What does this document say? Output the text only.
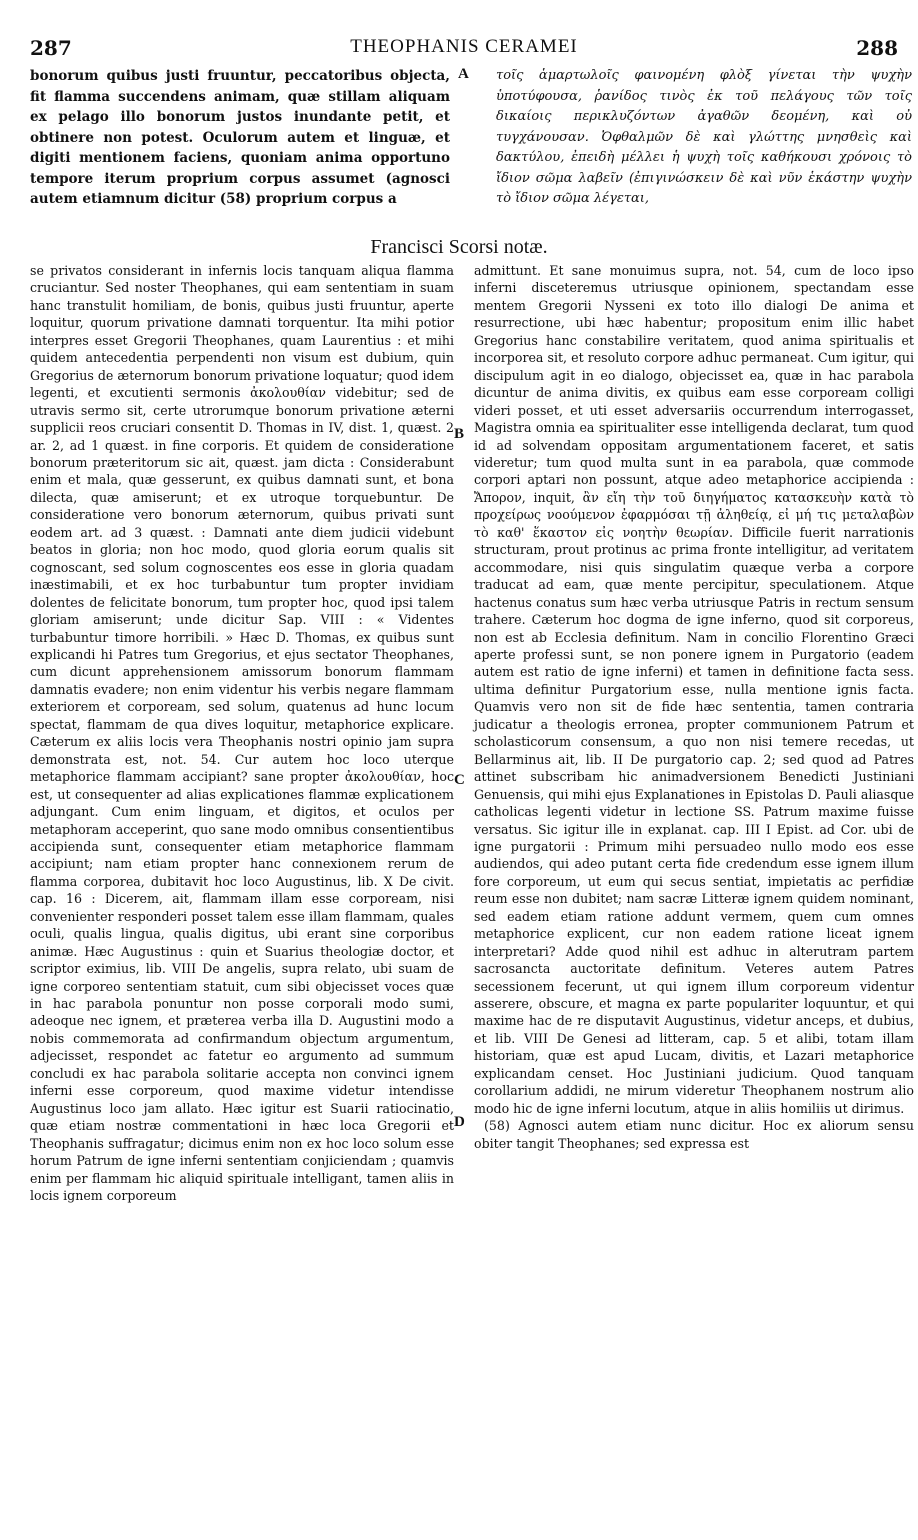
287	THEOPHANIS CERAMEI	288

bonorum quibus justi fruuntur, peccatoribus objecta, fit flamma succendens animam, quæ stillam aliquam ex pelago illo bonorum justos inundante petit, et obtinere non potest. Oculorum autem et linguæ, et digiti mentionem faciens, quoniam anima opportuno tempore iterum proprium corpus assumet (agnosci autem etiamnum dicitur (58) proprium corpus a

A τοῖς ἁμαρτωλοῖς φαινομένη φλὸξ γίνεται τὴν ψυχὴν ὑποτύφουσα, ῥανίδος τινὸς ἐκ τοῦ πελάγους τῶν τοῖς δικαίοις περικλυζόντων ἀγαθῶν δεομένη, καὶ οὐ τυγχάνουσαν. Ὀφθαλμῶν δὲ καὶ γλώττης μνησθεὶς καὶ δακτύλου, ἐπειδὴ μέλλει ἡ ψυχὴ τοῖς καθήκουσι χρόνοις τὸ ἴδιον σῶμα λαβεῖν (ἐπιγινώσκειν δὲ καὶ νῦν ἑκάστην ψυχὴν τὸ ἴδιον σῶμα λέγεται,

Francisci Scorsi notæ.

se privatos considerant in infernis locis tanquam aliqua flamma cruciantur. Sed noster Theophanes, qui eam sententiam in suam hanc transtulit homiliam, de bonis, quibus justi fruuntur, aperte loquitur, quorum privatione damnati torquentur. Ita mihi potior interpres esset Gregorii Theophanes, quam Laurentius : et mihi quidem antecedentia perpendenti non visum est dubium, quin Gregorius de æternorum bonorum privatione loquatur; quod idem legenti, et excutienti sermonis ἀκολουθίαν videbitur; sed de utravis sermo sit, certe utrorumque bonorum privatione æterni supplicii reos cruciari consentit D. Thomas in IV, dist. 1, quæst. 2 ar. 2, ad 1 quæst. in fine corporis. Et quidem de consideratione bonorum præteritorum sic ait, quæst. jam dicta : Considerabunt enim et mala, quæ gesserunt, ex quibus damnati sunt, et bona dilecta, quæ amiserunt; et ex utroque torquebuntur. De consideratione vero bonorum æternorum, quibus privati sunt eodem art. ad 3 quæst. : Damnati ante diem judicii videbunt beatos in gloria; non hoc modo, quod gloria eorum qualis sit cognoscant, sed solum cognoscentes eos esse in gloria quadam inæstimabili, et ex hoc turbabuntur tum propter invidiam dolentes de felicitate bonorum, tum propter hoc, quod ipsi talem gloriam amiserunt; unde dicitur Sap. VIII : « Videntes turbabuntur timore horribili. » Hæc D. Thomas, ex quibus sunt explicandi hi Patres tum Gregorius, et ejus sectator Theophanes, cum dicunt apprehensionem amissorum bonorum flammam damnatis evadere; non enim videntur his verbis negare flammam exteriorem et corpoream, sed solum, quatenus ad hunc locum spectat, flammam de qua dives loquitur, metaphorice explicare. Cæterum ex aliis locis vera Theophanis nostri opinio jam supra demonstrata est, not. 54. Cur autem hoc loco uterque metaphorice flammam accipiant? sane propter ἀκολουθίαν, hoc est, ut consequenter ad alias explicationes flammæ explicationem adjungant. Cum enim linguam, et digitos, et oculos per metaphoram acceperint, quo sane modo omnibus consentientibus accipienda sunt, consequenter etiam metaphorice flammam accipiunt; nam etiam propter hanc connexionem rerum de flamma corporea, dubitavit hoc loco Augustinus, lib. X De civit. cap. 16 : Dicerem, ait, flammam illam esse corpoream, nisi convenienter responderi posset talem esse illam flammam, quales oculi, qualis lingua, qualis digitus, ubi erant sine corporibus animæ. Hæc Augustinus : quin et Suarius theologiæ doctor, et scriptor eximius, lib. VIII De angelis, supra relato, ubi suam de igne corporeo sententiam statuit, cum sibi objecisset voces quæ in hac parabola ponuntur non posse corporali modo sumi, adeoque nec ignem, et præterea verba illa D. Augustini modo a nobis commemorata ad confirmandum objectum argumentum, adjecisset, respondet ac fatetur eo argumento ad summum concludi ex hac parabola solitarie accepta non convinci ignem inferni esse corporeum, quod maxime videtur intendisse Augustinus loco jam allato. Hæc igitur est Suarii ratiocinatio, quæ etiam nostræ commentationi in hæc loca Gregorii et Theophanis suffragatur; dicimus enim non ex hoc loco solum esse horum Patrum de igne inferni sententiam conjiciendam ; quamvis enim per flammam hic aliquid spirituale intelligant, tamen aliis in locis ignem corporeum

B
C
D

admittunt. Et sane monuimus supra, not. 54, cum de loco ipso inferni disceteremus utriusque opinionem, spectandam esse mentem Gregorii Nysseni ex toto illo dialogi De anima et resurrectione, ubi hæc habentur; propositum enim illic habet Gregorius hanc constabilire veritatem, quod anima spiritualis et incorporea sit, et resoluto corpore adhuc permaneat. Cum igitur, qui discipulum agit in eo dialogo, objecisset ea, quæ in hac parabola dicuntur de anima divitis, ex quibus eam esse corpoream colligi videri posset, et uti esset adversariis occurrendum interrogasset, Magistra omnia ea spiritualiter esse intelligenda declarat, tum quod id ad solvendam oppositam argumentationem faceret, et satis videretur; tum quod multa sunt in ea parabola, quæ commode corpori aptari non possunt, atque adeo metaphorice accipienda : Ἄπορον, inquit, ἂν εἴη τὴν τοῦ διηγήματος κατασκευὴν κατὰ τὸ προχείρως νοούμενον ἐφαρμόσαι τῇ ἀληθείᾳ, εἰ μή τις μεταλαβὼν τὸ καθ' ἕκαστον εἰς νοητὴν θεωρίαν. Difficile fuerit narrationis structuram, prout protinus ac prima fronte intelligitur, ad veritatem accommodare, nisi quis singulatim quæque verba a corpore traducat ad eam, quæ mente percipitur, speculationem. Atque hactenus conatus sum hæc verba utriusque Patris in rectum sensum trahere. Cæterum hoc dogma de igne inferno, quod sit corporeus, non est ab Ecclesia definitum. Nam in concilio Florentino Græci aperte professi sunt, se non ponere ignem in Purgatorio (eadem autem est ratio de igne inferni) et tamen in definitione facta sess. ultima definitur Purgatorium esse, nulla mentione ignis facta. Quamvis vero non sit de fide hæc sententia, tamen contraria judicatur a theologis erronea, propter communionem Patrum et scholasticorum consensum, a quo non nisi temere recedas, ut Bellarminus ait, lib. II De purgatorio cap. 2; sed quod ad Patres attinet subscribam hic animadversionem Benedicti Justiniani Genuensis, qui mihi ejus Explanationes in Epistolas D. Pauli aliasque catholicas legenti videtur in lectione SS. Patrum maxime fuisse versatus. Sic igitur ille in explanat. cap. III I Epist. ad Cor. ubi de igne purgatorii : Primum mihi persuadeo nullo modo eos esse audiendos, qui adeo putant certa fide credendum esse ignem illum fore corporeum, ut eum qui secus sentiat, impietatis ac perfidiæ reum esse non dubitet; nam sacræ Litteræ ignem quidem nominant, sed eadem etiam ratione addunt vermem, quem cum omnes metaphorice explicent, cur non eadem ratione liceat ignem interpretari? Adde quod nihil est adhuc in alterutram partem sacrosancta auctoritate definitum. Veteres autem Patres secessionem fecerunt, ut qui ignem illum corporeum videntur asserere, obscure, et magna ex parte populariter loquuntur, et qui maxime hac de re disputavit Augustinus, videtur anceps, et dubius, et lib. VIII De Genesi ad litteram, cap. 5 et alibi, totam illam historiam, quæ est apud Lucam, divitis, et Lazari metaphorice explicandam censet. Hoc Justiniani judicium. Quod tanquam corollarium addidi, ne mirum videretur Theophanem nostrum alio modo hic de igne inferni locutum, atque in aliis homiliis ut dirimus.

(58) Agnosci autem etiam nunc dicitur. Hoc ex aliorum sensu obiter tangit Theophanes; sed expressa est
